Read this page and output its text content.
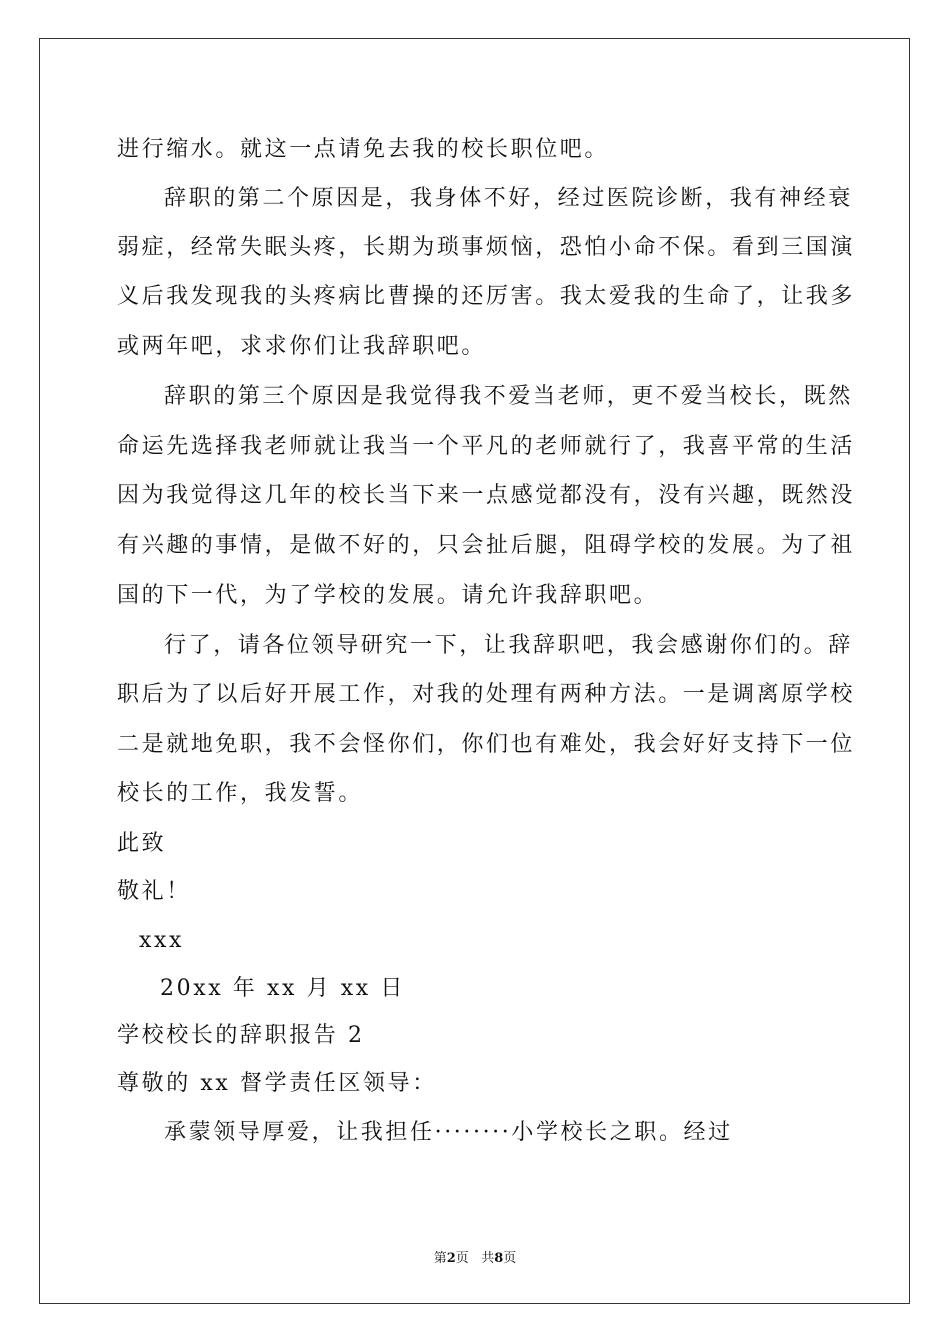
进行缩水。就这一点请免去我的校长职位吧。
辞职的第二个原因是，我身体不好，经过医院诊断，我有神经衰
弱症，经常失眠头疼，长期为琐事烦恼，恐怕小命不保。看到三国演
义后我发现我的头疼病比曹操的还厉害。我太爱我的生命了，让我多
或两年吧，求求你们让我辞职吧。
辞职的第三个原因是我觉得我不爱当老师，更不爱当校长，既然
命运先选择我老师就让我当一个平凡的老师就行了，我喜平常的生活
因为我觉得这几年的校长当下来一点感觉都没有，没有兴趣，既然没
有兴趣的事情，是做不好的，只会扯后腿，阻碍学校的发展。为了祖
国的下一代，为了学校的发展。请允许我辞职吧。
行了，请各位领导研究一下，让我辞职吧，我会感谢你们的。辞
职后为了以后好开展工作，对我的处理有两种方法。一是调离原学校
二是就地免职，我不会怪你们，你们也有难处，我会好好支持下一位
校长的工作，我发誓。
此致
敬礼！
xxx
20xx 年 xx 月 xx 日
学校校长的辞职报告 2
尊敬的 xx 督学责任区领导：
承蒙领导厚爱，让我担任········小学校长之职。经过
第2页 共8页
